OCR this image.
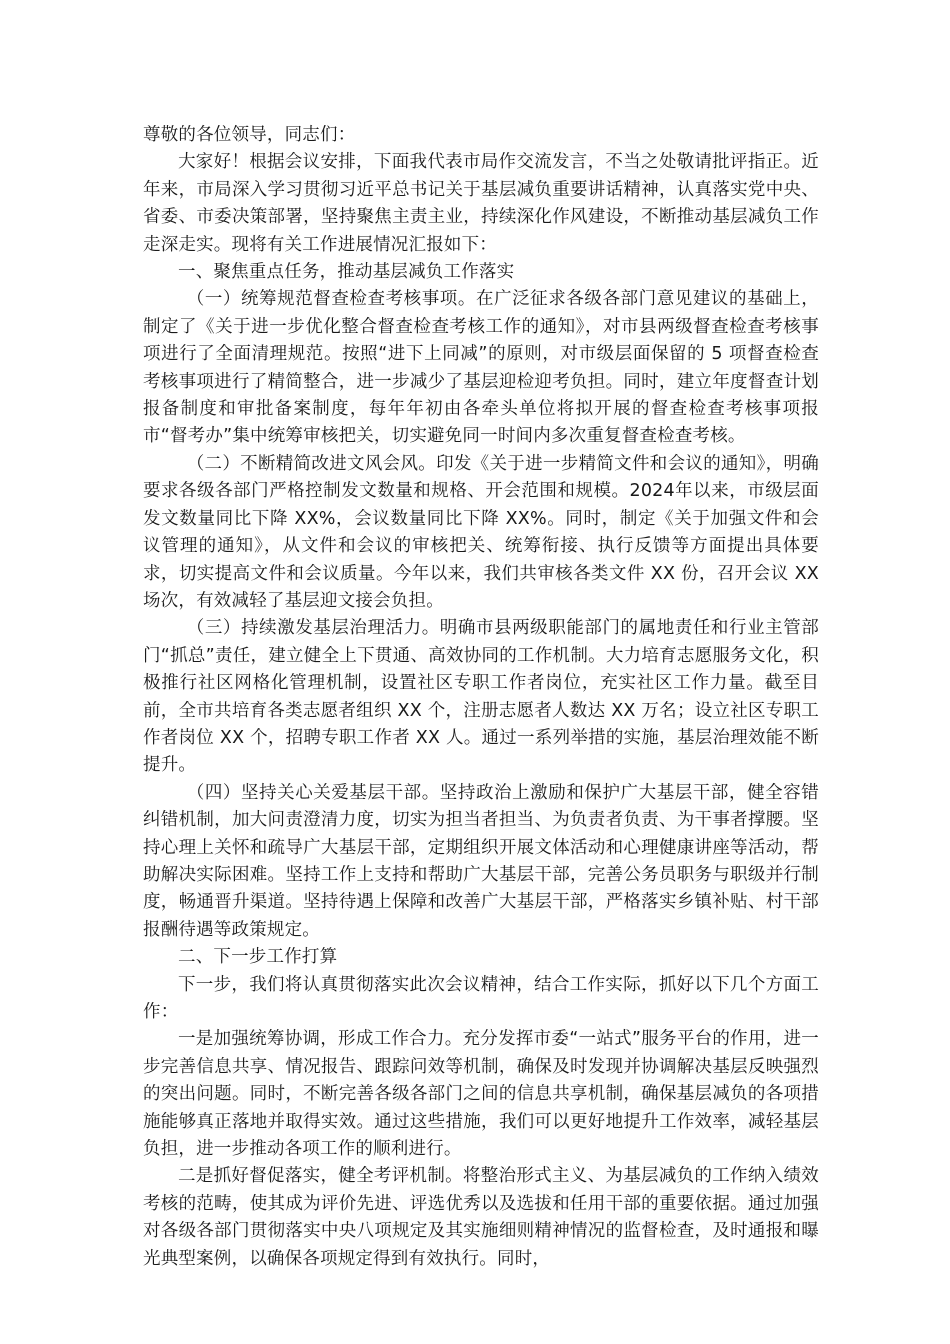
尊敬的各位领导，同志们：

大家好！根据会议安排，下面我代表市局作交流发言，不当之处敬请批评指正。近年来，市局深入学习贯彻习近平总书记关于基层减负重要讲话精神，认真落实党中央、省委、市委决策部署，坚持聚焦主责主业，持续深化作风建设，不断推动基层减负工作走深走实。现将有关工作进展情况汇报如下：

一、聚焦重点任务，推动基层减负工作落实

（一）统筹规范督查检查考核事项。在广泛征求各级各部门意见建议的基础上，制定了《关于进一步优化整合督查检查考核工作的通知》，对市县两级督查检查考核事项进行了全面清理规范。按照“进下上同减”的原则，对市级层面保留的 5 项督查检查考核事项进行了精简整合，进一步减少了基层迎检迎考负担。同时，建立年度督查计划报备制度和审批备案制度，每年年初由各牵头单位将拟开展的督查检查考核事项报市“督考办”集中统筹审核把关，切实避免同一时间内多次重复督查检查考核。

（二）不断精简改进文风会风。印发《关于进一步精简文件和会议的通知》，明确要求各级各部门严格控制发文数量和规格、开会范围和规模。2024年以来，市级层面发文数量同比下降 XX%，会议数量同比下降 XX%。同时，制定《关于加强文件和会议管理的通知》，从文件和会议的审核把关、统筹衔接、执行反馈等方面提出具体要求，切实提高文件和会议质量。今年以来，我们共审核各类文件 XX 份，召开会议 XX 场次，有效减轻了基层迎文接会负担。

（三）持续激发基层治理活力。明确市县两级职能部门的属地责任和行业主管部门“抓总”责任，建立健全上下贯通、高效协同的工作机制。大力培育志愿服务文化，积极推行社区网格化管理机制，设置社区专职工作者岗位，充实社区工作力量。截至目前，全市共培育各类志愿者组织 XX 个，注册志愿者人数达 XX 万名；设立社区专职工作者岗位 XX 个，招聘专职工作者 XX 人。通过一系列举措的实施，基层治理效能不断提升。

（四）坚持关心关爱基层干部。坚持政治上激励和保护广大基层干部，健全容错纠错机制，加大问责澄清力度，切实为担当者担当、为负责者负责、为干事者撑腰。坚持心理上关怀和疏导广大基层干部，定期组织开展文体活动和心理健康讲座等活动，帮助解决实际困难。坚持工作上支持和帮助广大基层干部，完善公务员职务与职级并行制度，畅通晋升渠道。坚持待遇上保障和改善广大基层干部，严格落实乡镇补贴、村干部报酬待遇等政策规定。

二、下一步工作打算

下一步，我们将认真贯彻落实此次会议精神，结合工作实际，抓好以下几个方面工作：

一是加强统筹协调，形成工作合力。充分发挥市委“一站式”服务平台的作用，进一步完善信息共享、情况报告、跟踪问效等机制，确保及时发现并协调解决基层反映强烈的突出问题。同时，不断完善各级各部门之间的信息共享机制，确保基层减负的各项措施能够真正落地并取得实效。通过这些措施，我们可以更好地提升工作效率，减轻基层负担，进一步推动各项工作的顺利进行。

二是抓好督促落实，健全考评机制。将整治形式主义、为基层减负的工作纳入绩效考核的范畴，使其成为评价先进、评选优秀以及选拔和任用干部的重要依据。通过加强对各级各部门贯彻落实中央八项规定及其实施细则精神情况的监督检查，及时通报和曝光典型案例，以确保各项规定得到有效执行。同时，
